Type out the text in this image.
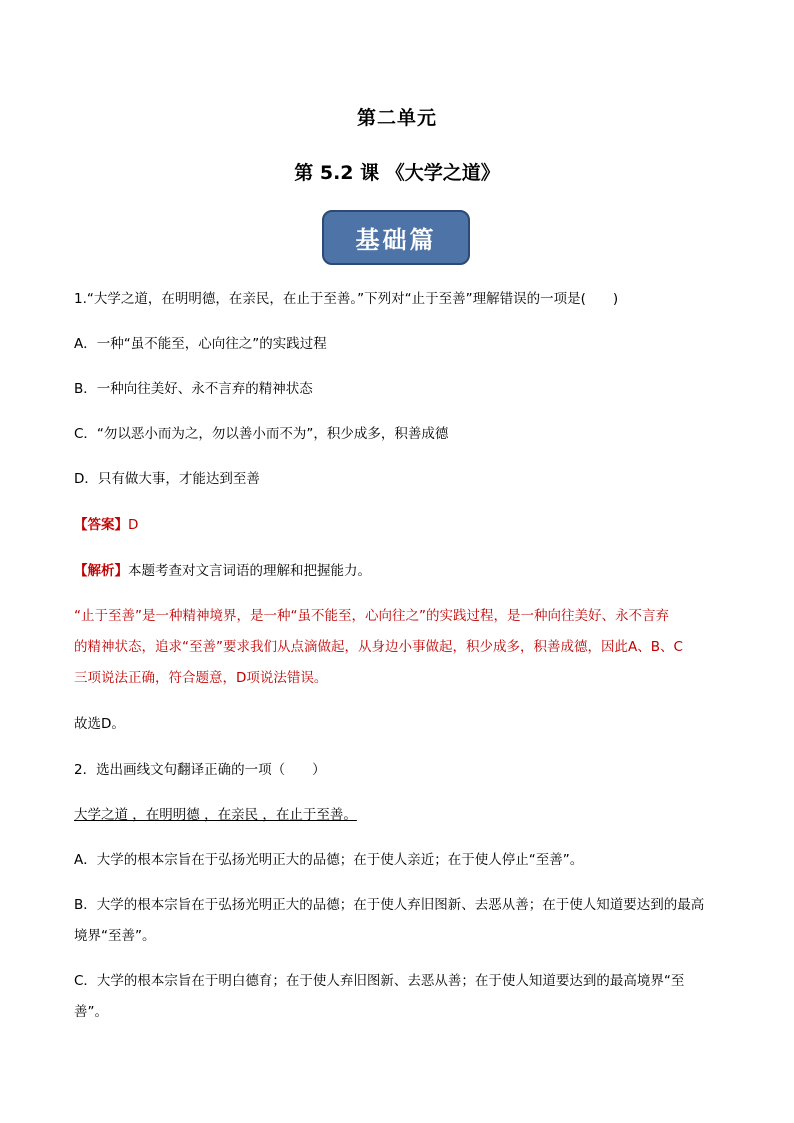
第二单元
第 5.2 课 《大学之道》
基础篇

1.“大学之道，在明明德，在亲民，在止于至善。”下列对“止于至善”理解错误的一项是(　　)

A．一种“虽不能至，心向往之”的实践过程

B．一种向往美好、永不言弃的精神状态

C．“勿以恶小而为之，勿以善小而不为”，积少成多，积善成德

D．只有做大事，才能达到至善

【答案】D

【解析】本题考查对文言词语的理解和把握能力。

“止于至善”是一种精神境界，是一种“虽不能至，心向往之”的实践过程，是一种向往美好、永不言弃

的精神状态，追求“至善”要求我们从点滴做起，从身边小事做起，积少成多，积善成德，因此A、B、C

三项说法正确，符合题意，D项说法错误。

故选D。

2．选出画线文句翻译正确的一项（　　）

大学之道 ，在明明德 ，在亲民 ，在止于至善。

A．大学的根本宗旨在于弘扬光明正大的品德；在于使人亲近；在于使人停止“至善”。

B．大学的根本宗旨在于弘扬光明正大的品德；在于使人弃旧图新、去恶从善；在于使人知道要达到的最高

境界“至善”。

C．大学的根本宗旨在于明白德育；在于使人弃旧图新、去恶从善；在于使人知道要达到的最高境界“至

善”。
